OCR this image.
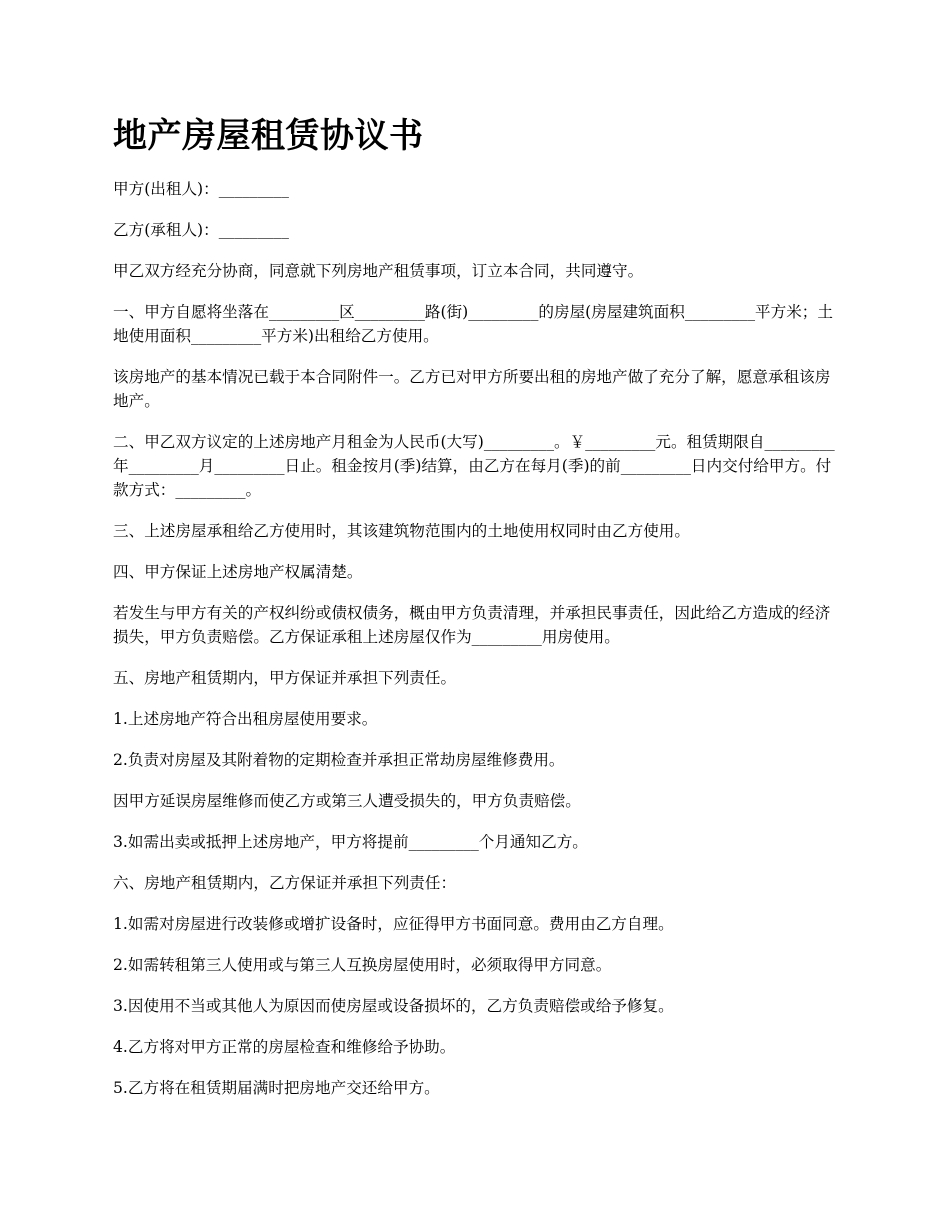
地产房屋租赁协议书

甲方(出租人)：_________

乙方(承租人)：_________

甲乙双方经充分协商，同意就下列房地产租赁事项，订立本合同，共同遵守。

一、甲方自愿将坐落在_________区_________路(街)_________的房屋(房屋建筑面积_________平方米；土地使用面积_________平方米)出租给乙方使用。

该房地产的基本情况已载于本合同附件一。乙方已对甲方所要出租的房地产做了充分了解，愿意承租该房地产。

二、甲乙双方议定的上述房地产月租金为人民币(大写)_________。￥_________元。租赁期限自_________年_________月_________日止。租金按月(季)结算，由乙方在每月(季)的前_________日内交付给甲方。付款方式：_________。

三、上述房屋承租给乙方使用时，其该建筑物范围内的土地使用权同时由乙方使用。

四、甲方保证上述房地产权属清楚。

若发生与甲方有关的产权纠纷或债权债务，概由甲方负责清理，并承担民事责任，因此给乙方造成的经济损失，甲方负责赔偿。乙方保证承租上述房屋仅作为_________用房使用。

五、房地产租赁期内，甲方保证并承担下列责任。

1.上述房地产符合出租房屋使用要求。

2.负责对房屋及其附着物的定期检查并承担正常劫房屋维修费用。

因甲方延误房屋维修而使乙方或第三人遭受损失的，甲方负责赔偿。

3.如需出卖或抵押上述房地产，甲方将提前_________个月通知乙方。

六、房地产租赁期内，乙方保证并承担下列责任：

1.如需对房屋进行改装修或增扩设备时，应征得甲方书面同意。费用由乙方自理。

2.如需转租第三人使用或与第三人互换房屋使用时，必须取得甲方同意。

3.因使用不当或其他人为原因而使房屋或设备损坏的，乙方负责赔偿或给予修复。

4.乙方将对甲方正常的房屋检查和维修给予协助。

5.乙方将在租赁期届满时把房地产交还给甲方。
